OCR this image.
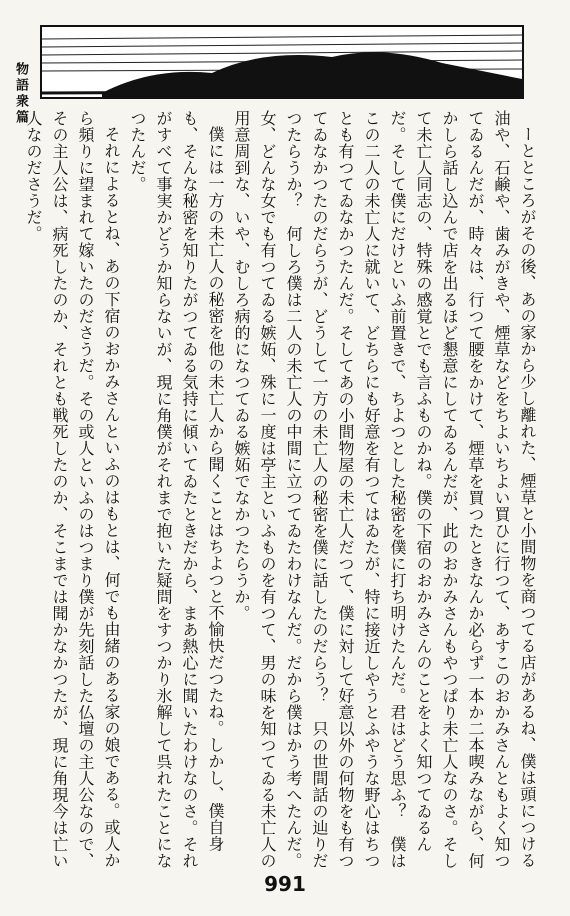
物語衆篇

ーとところがその後、あの家から少し離れた、煙草と小間物を商つてる店があるね、僕は頭につける油や、石鹸や、歯みがきや、煙草などをちよいちよい買ひに行つて、あすこのおかみさんともよく知つてゐるんだが、時々は、行つて腰をかけて、煙草を買つたときなんか必らず一本か二本喫みながら、何かしら話し込んで店を出るほど懇意にしてゐるんだが、此のおかみさんもやつぱり未亡人なのさ。そして未亡人同志の、特殊の感覚とでも言ふものかね。僕の下宿のおかみさんのことをよく知つてゐるんだ。そして僕にだけといふ前置きで、ちよつとした秘密を僕に打ち明けたんだ。君はどう思ふ？　僕はこの二人の未亡人に就いて、どちらにも好意を有つてはゐたが、特に接近しやうとふやうな野心はちつとも有つてゐなかつたんだ。そしてあの小間物屋の未亡人だつて、僕に対して好意以外の何物をも有つてゐなかつたのだらうが、どうして一方の未亡人の秘密を僕に話したのだらう？　只の世間話の辿りだつたらうか？　何しろ僕は二人の未亡人の中間に立つてゐたわけなんだ。だから僕はかう考へたんだ。女、どんな女でも有つてゐる嫉妬、殊に一度は亭主といふものを有つて、男の味を知つてゐる未亡人の用意周到な、いや、むしろ病的になつてゐる嫉妬でなかつたらうか。

僕には一方の未亡人の秘密を他の未亡人から聞くことはちよつと不愉快だつたね。しかし、僕自身も、そんな秘密を知りたがつてゐる気持に傾いてゐたときだから、まあ熱心に聞いたわけなのさ。それがすべて事実かどうか知らないが、現に角僕がそれまで抱いた疑問をすつかり氷解して呉れたことになつたんだ。

それによるとね、あの下宿のおかみさんといふのはもとは、何でも由緒のある家の娘である。或人から頻りに望まれて嫁いたのださうだ。その或人といふのはつまり僕が先刻話した仏壇の主人公なので、その主人公は、病死したのか、それとも戦死したのか、そこまでは聞かなかつたが、現に角現今は亡い人なのださうだ。

991
